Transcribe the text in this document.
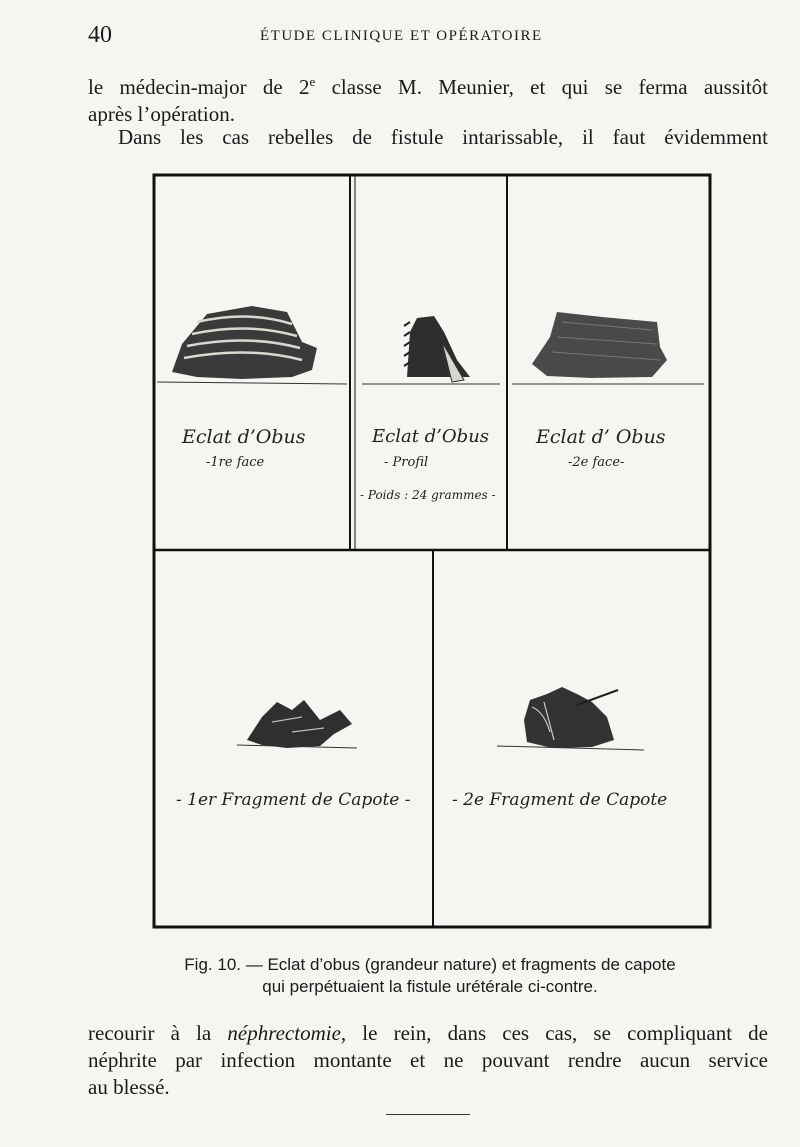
40	ÉTUDE CLINIQUE ET OPÉRATOIRE

le médecin-major de 2e classe M. Meunier, et qui se ferma aussitôt
après l’opération.

Dans les cas rebelles de fistule intarissable, il faut évidemment

Eclat d’Obus
-1re face
Eclat d’Obus
- Profil
- Poids : 24 grammes -
Eclat d’ Obus
-2e face-
- 1er Fragment de Capote - - 2e Fragment de Capote
Fig. 10. — Eclat d’obus (grandeur nature) et fragments de capote
qui perpétuaient la fistule urétérale ci-contre.

recourir à la néphrectomie, le rein, dans ces cas, se compliquant de
néphrite par infection montante et ne pouvant rendre aucun service
au blessé.
